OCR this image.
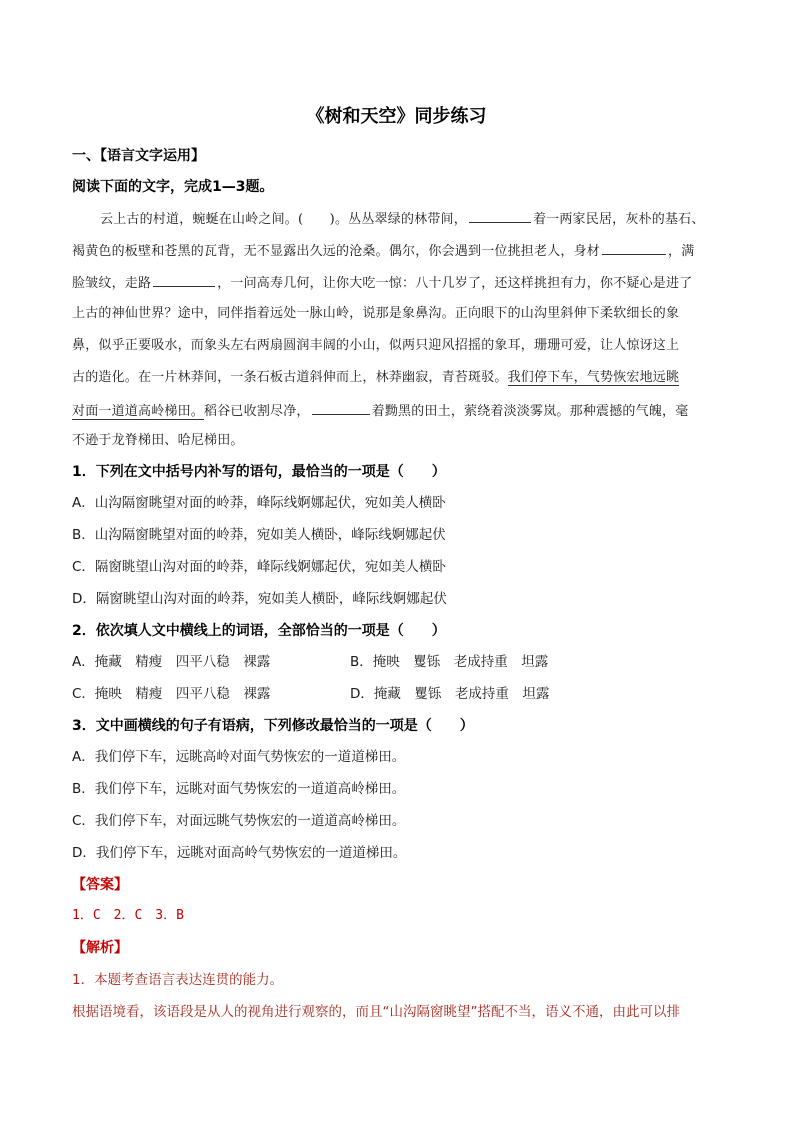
《树和天空》同步练习
一、【语言文字运用】
阅读下面的文字，完成1—3题。
云上古的村道，蜿蜒在山岭之间。(　　)。丛丛翠绿的林带间，	着一两家民居，灰朴的基石、
褐黄色的板壁和苍黑的瓦背，无不显露出久远的沧桑。偶尔，你会遇到一位挑担老人，身材	，满
脸皱纹，走路	，一问高寿几何，让你大吃一惊：八十几岁了，还这样挑担有力，你不疑心是进了
上古的神仙世界？途中，同伴指着远处一脉山岭，说那是象鼻沟。正向眼下的山沟里斜伸下柔软细长的象
鼻，似乎正要吸水，而象头左右两扇圆润丰阔的小山，似两只迎风招摇的象耳，珊珊可爱，让人惊讶这上
古的造化。在一片林莽间，一条石板古道斜伸而上，林莽幽寂，青苔斑驳。我们停下车，气势恢宏地远眺
对面一道道高岭梯田。稻谷已收割尽净，	着黝黑的田土，萦绕着淡淡雾岚。那种震撼的气魄，毫
不逊于龙脊梯田、哈尼梯田。
1．下列在文中括号内补写的语句，最恰当的一项是（　　）
A．山沟隔窗眺望对面的岭莽，峰际线婀娜起伏，宛如美人横卧
B．山沟隔窗眺望对面的岭莽，宛如美人横卧，峰际线婀娜起伏
C．隔窗眺望山沟对面的岭莽，峰际线婀娜起伏，宛如美人横卧
D．隔窗眺望山沟对面的岭莽，宛如美人横卧，峰际线婀娜起伏
2．依次填人文中横线上的词语，全部恰当的一项是（　　）
A．掩藏　精瘦　四平八稳　裸露	B．掩映　矍铄　老成持重　坦露
C．掩映　精瘦　四平八稳　裸露	D．掩藏　矍铄　老成持重　坦露
3．文中画横线的句子有语病，下列修改最恰当的一项是（　　）
A．我们停下车，远眺高岭对面气势恢宏的一道道梯田。
B．我们停下车，远眺对面气势恢宏的一道道高岭梯田。
C．我们停下车，对面远眺气势恢宏的一道道高岭梯田。
D．我们停下车，远眺对面高岭气势恢宏的一道道梯田。
【答案】
1．C　2．C　3．B
【解析】
1．本题考查语言表达连贯的能力。
根据语境看，该语段是从人的视角进行观察的，而且“山沟隔窗眺望”搭配不当，语义不通，由此可以排
